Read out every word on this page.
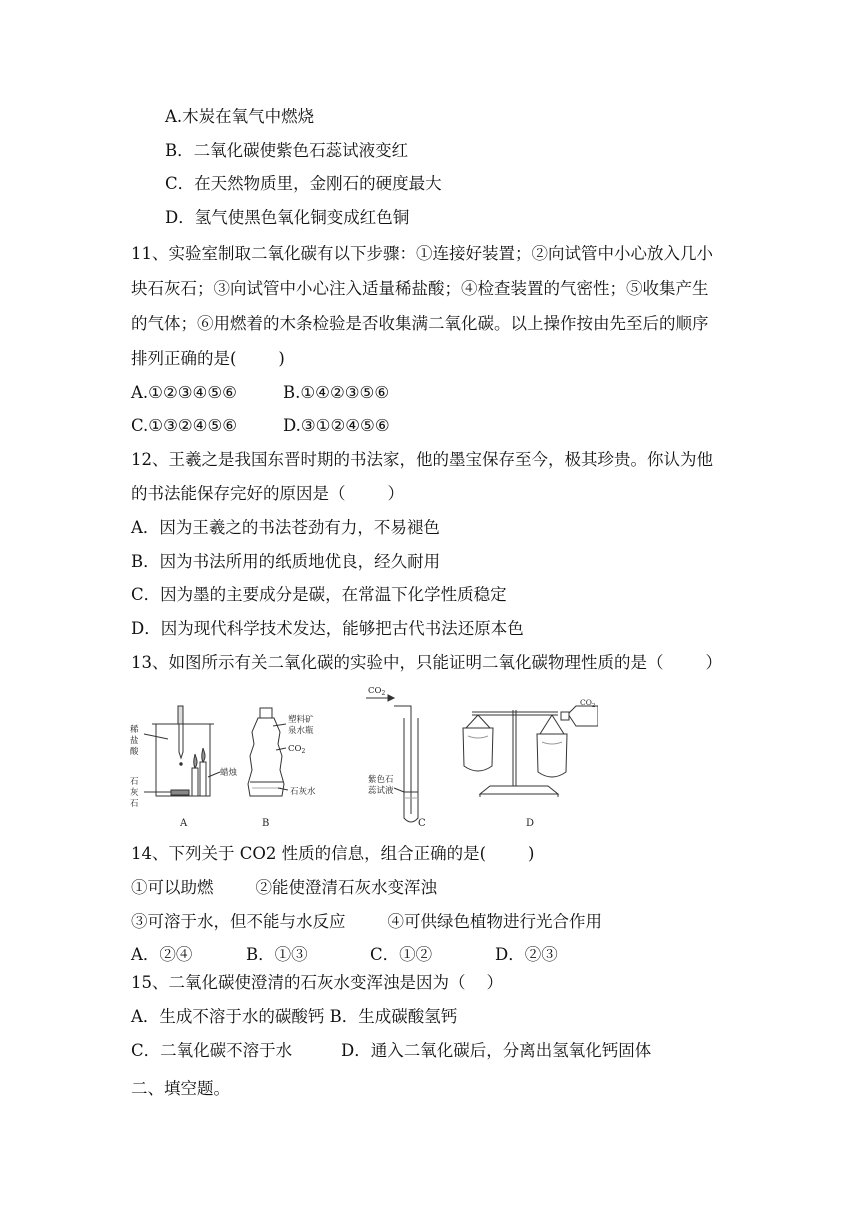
A.木炭在氧气中燃烧
B．二氧化碳使紫色石蕊试液变红
C．在天然物质里，金刚石的硬度最大
D．氢气使黑色氧化铜变成红色铜
11、实验室制取二氧化碳有以下步骤：①连接好装置；②向试管中小心放入几小
块石灰石；③向试管中小心注入适量稀盐酸；④检查装置的气密性；⑤收集产生
的气体；⑥用燃着的木条检验是否收集满二氧化碳。以上操作按由先至后的顺序
排列正确的是(        )
A.①②③④⑤⑥	B.①④②③⑤⑥
C.①③②④⑤⑥	D.③①②④⑤⑥
12、王羲之是我国东晋时期的书法家，他的墨宝保存至今，极其珍贵。你认为他
的书法能保存完好的原因是（        ）
A．因为王羲之的书法苍劲有力，不易褪色
B．因为书法所用的纸质地优良，经久耐用
C．因为墨的主要成分是碳，在常温下化学性质稳定
D．因为现代科学技术发达，能够把古代书法还原本色
13、如图所示有关二氧化碳的实验中，只能证明二氧化碳物理性质的是（        ）
稀
盐
酸
蜡烛
石
灰
石
A
塑料矿
泉水瓶
$CO_2$
石灰水
B
$CO_2$
紫色石
蕊试液
C
$CO_2$
D
14、下列关于 CO2 性质的信息，组合正确的是(        )
①可以助燃        ②能使澄清石灰水变浑浊
③可溶于水，但不能与水反应        ④可供绿色植物进行光合作用
A．②④	B．①③	C．①②	D．②③
15、二氧化碳使澄清的石灰水变浑浊是因为（    ）
A．生成不溶于水的碳酸钙 B．生成碳酸氢钙
C．二氧化碳不溶于水	D．通入二氧化碳后，分离出氢氧化钙固体
二、填空题。
